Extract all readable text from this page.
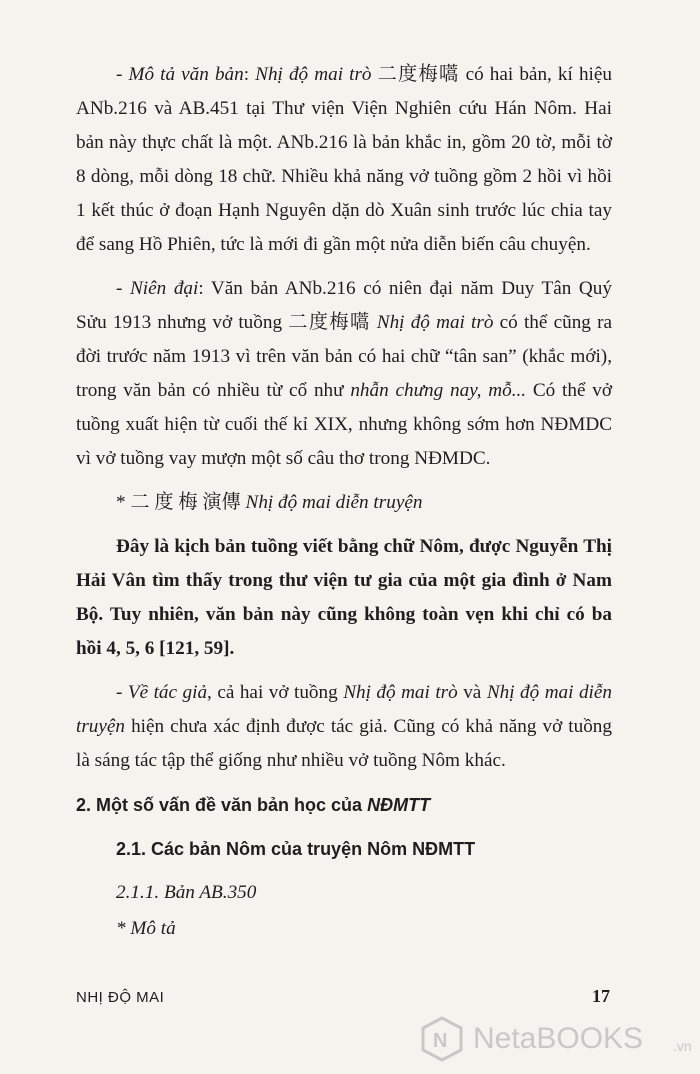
- Mô tả văn bản: Nhị độ mai trò 二度梅嚆 có hai bản, kí hiệu ANb.216 và AB.451 tại Thư viện Viện Nghiên cứu Hán Nôm. Hai bản này thực chất là một. ANb.216 là bản khắc in, gồm 20 tờ, mỗi tờ 8 dòng, mỗi dòng 18 chữ. Nhiều khả năng vở tuồng gồm 2 hồi vì hồi 1 kết thúc ở đoạn Hạnh Nguyên dặn dò Xuân sinh trước lúc chia tay để sang Hồ Phiên, tức là mới đi gần một nửa diễn biến câu chuyện.

- Niên đại: Văn bản ANb.216 có niên đại năm Duy Tân Quý Sửu 1913 nhưng vở tuồng 二度梅嚆 Nhị độ mai trò có thể cũng ra đời trước năm 1913 vì trên văn bản có hai chữ “tân san” (khắc mới), trong văn bản có nhiều từ cổ như nhẫn chưng nay, mỗ... Có thể vở tuồng xuất hiện từ cuối thế kỉ XIX, nhưng không sớm hơn NĐMDC vì vở tuồng vay mượn một số câu thơ trong NĐMDC.

* 二 度 梅 演傳 Nhị độ mai diễn truyện

Đây là kịch bản tuồng viết bằng chữ Nôm, được Nguyễn Thị Hải Vân tìm thấy trong thư viện tư gia của một gia đình ở Nam Bộ. Tuy nhiên, văn bản này cũng không toàn vẹn khi chỉ có ba hồi 4, 5, 6 [121, 59].

- Về tác giả, cả hai vở tuồng Nhị độ mai trò và Nhị độ mai diễn truyện hiện chưa xác định được tác giả. Cũng có khả năng vở tuồng là sáng tác tập thể giống như nhiều vở tuồng Nôm khác.

2. Một số vấn đề văn bản học của NĐMTT

2.1. Các bản Nôm của truyện Nôm NĐMTT

2.1.1. Bản AB.350

* Mô tả

NHỊ ĐỘ MAI	17
N NetaBOOKS .vn
